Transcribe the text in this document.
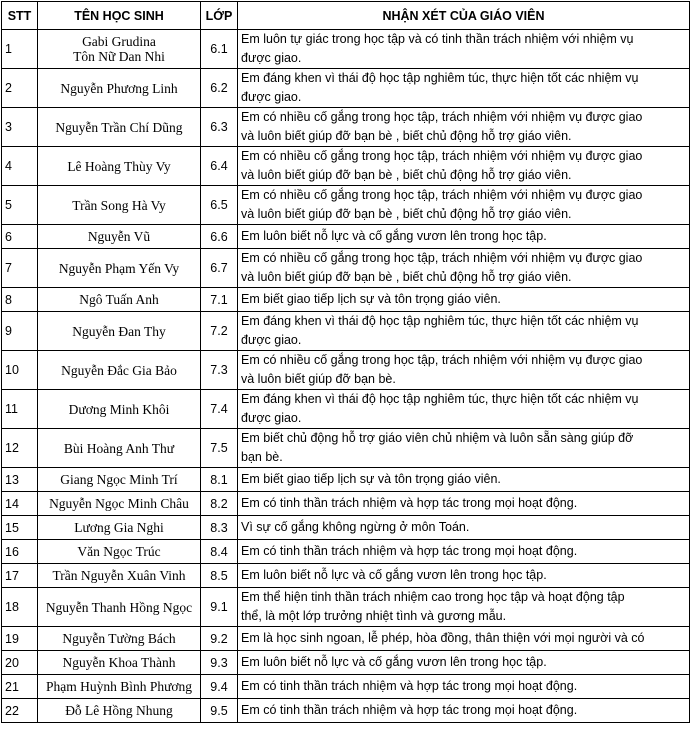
STT	TÊN HỌC SINH	LỚP	NHẬN XÉT CỦA GIÁO VIÊN
1	Gabi Grudina
Tôn Nữ Dan Nhi	6.1	Em luôn tự giác trong học tập và có tinh thần trách nhiệm với nhiệm vụ
được giao.

2	Nguyễn Phương Linh	6.2	Em đáng khen vì thái độ học tập nghiêm túc, thực hiện tốt các nhiệm vụ
được giao.

3	Nguyễn Trần Chí Dũng	6.3	Em có nhiều cố gắng trong học tập, trách nhiệm với nhiệm vụ được giao
và luôn biết giúp đỡ bạn bè , biết chủ động hỗ trợ giáo viên.

4	Lê Hoàng Thùy Vy	6.4	Em có nhiều cố gắng trong học tập, trách nhiệm với nhiệm vụ được giao
và luôn biết giúp đỡ bạn bè , biết chủ động hỗ trợ giáo viên.

5	Trần Song Hà Vy	6.5	Em có nhiều cố gắng trong học tập, trách nhiệm với nhiệm vụ được giao
và luôn biết giúp đỡ bạn bè , biết chủ động hỗ trợ giáo viên.

6	Nguyễn Vũ	6.6	Em luôn biết nỗ lực và cố gắng vươn lên trong học tập.

7	Nguyễn Phạm Yến Vy	6.7	Em có nhiều cố gắng trong học tập, trách nhiệm với nhiệm vụ được giao
và luôn biết giúp đỡ bạn bè , biết chủ động hỗ trợ giáo viên.

8	Ngô Tuấn Anh	7.1	Em biết giao tiếp lịch sự và tôn trọng giáo viên.

9	Nguyễn Đan Thy	7.2	Em đáng khen vì thái độ học tập nghiêm túc, thực hiện tốt các nhiệm vụ
được giao.

10	Nguyễn Đắc Gia Bảo	7.3	Em có nhiều cố gắng trong học tập, trách nhiệm với nhiệm vụ được giao
và luôn biết giúp đỡ bạn bè.

11	Dương Minh Khôi	7.4	Em đáng khen vì thái độ học tập nghiêm túc, thực hiện tốt các nhiệm vụ
được giao.

12	Bùi Hoàng Anh Thư	7.5	Em biết chủ động hỗ trợ giáo viên chủ nhiệm và luôn sẵn sàng giúp đỡ
bạn bè.

13	Giang Ngọc Minh Trí	8.1	Em biết giao tiếp lịch sự và tôn trọng giáo viên.

14	Nguyễn Ngọc Minh Châu	8.2	Em có tinh thần trách nhiệm và hợp tác trong mọi hoạt động.

15	Lương Gia Nghi	8.3	Vì sự cố gắng không ngừng ở môn Toán.

16	Văn Ngọc Trúc	8.4	Em có tinh thần trách nhiệm và hợp tác trong mọi hoạt động.

17	Trần Nguyễn Xuân Vinh	8.5	Em luôn biết nỗ lực và cố gắng vươn lên trong học tập.

18	Nguyễn Thanh Hồng Ngọc	9.1	Em thể hiện tinh thần trách nhiệm cao trong học tập và hoạt động tập
thể, là một lớp trưởng nhiệt tình và gương mẫu.

19	Nguyễn Tường Bách	9.2	Em là học sinh ngoan, lễ phép, hòa đồng, thân thiện với mọi người và có

20	Nguyễn Khoa Thành	9.3	Em luôn biết nỗ lực và cố gắng vươn lên trong học tập.

21	Phạm Huỳnh Bình Phương	9.4	Em có tinh thần trách nhiệm và hợp tác trong mọi hoạt động.

22	Đỗ Lê Hồng Nhung	9.5	Em có tinh thần trách nhiệm và hợp tác trong mọi hoạt động.
